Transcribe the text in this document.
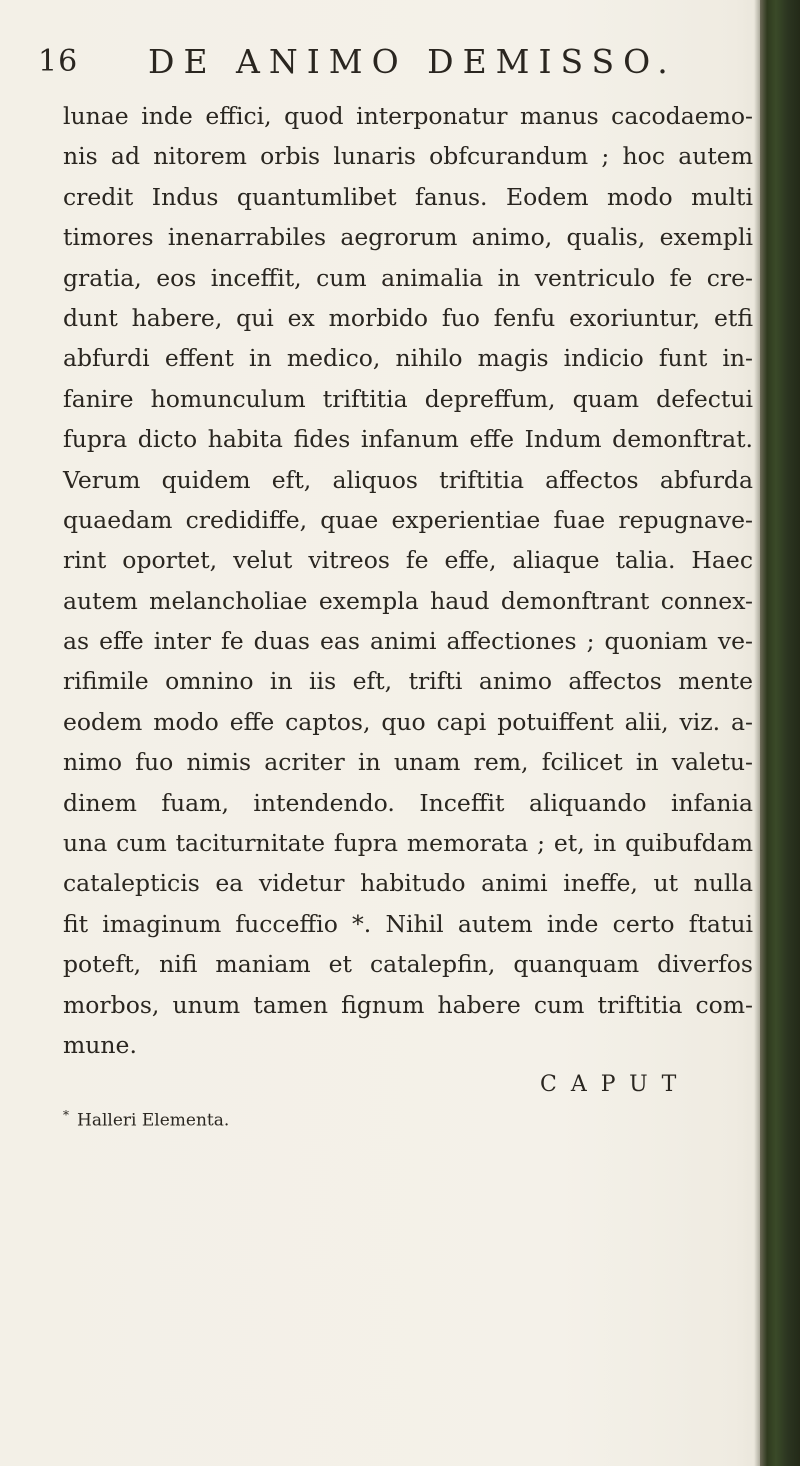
16 DE ANIMO DEMISSO.
lunae inde effici, quod interponatur manus cacodaemo-
nis ad nitorem orbis lunaris obfcurandum ; hoc autem
credit Indus quantumlibet fanus. Eodem modo multi
timores inenarrabiles aegrorum animo, qualis, exempli
gratia, eos inceffit, cum animalia in ventriculo fe cre-
dunt habere, qui ex morbido fuo fenfu exoriuntur, etfi
abfurdi effent in medico, nihilo magis indicio funt in-
fanire homunculum triftitia depreffum, quam defectui
fupra dicto habita fides infanum effe Indum demonftrat.
Verum quidem eft, aliquos triftitia affectos abfurda
quaedam credidiffe, quae experientiae fuae repugnave-
rint oportet, velut vitreos fe effe, aliaque talia. Haec
autem melancholiae exempla haud demonftrant connex-
as effe inter fe duas eas animi affectiones ; quoniam ve-
rifimile omnino in iis eft, trifti animo affectos mente
eodem modo effe captos, quo capi potuiffent alii, viz. a-
nimo fuo nimis acriter in unam rem, fcilicet in valetu-
dinem fuam, intendendo. Inceffit aliquando infania
una cum taciturnitate fupra memorata ; et, in quibufdam
catalepticis ea videtur habitudo animi ineffe, ut nulla
fit imaginum fucceffio *. Nihil autem inde certo ftatui
poteft, nifi maniam et catalepfin, quanquam diverfos
morbos, unum tamen fignum habere cum triftitia com-
mune.
CAPUT
* Halleri Elementa.
